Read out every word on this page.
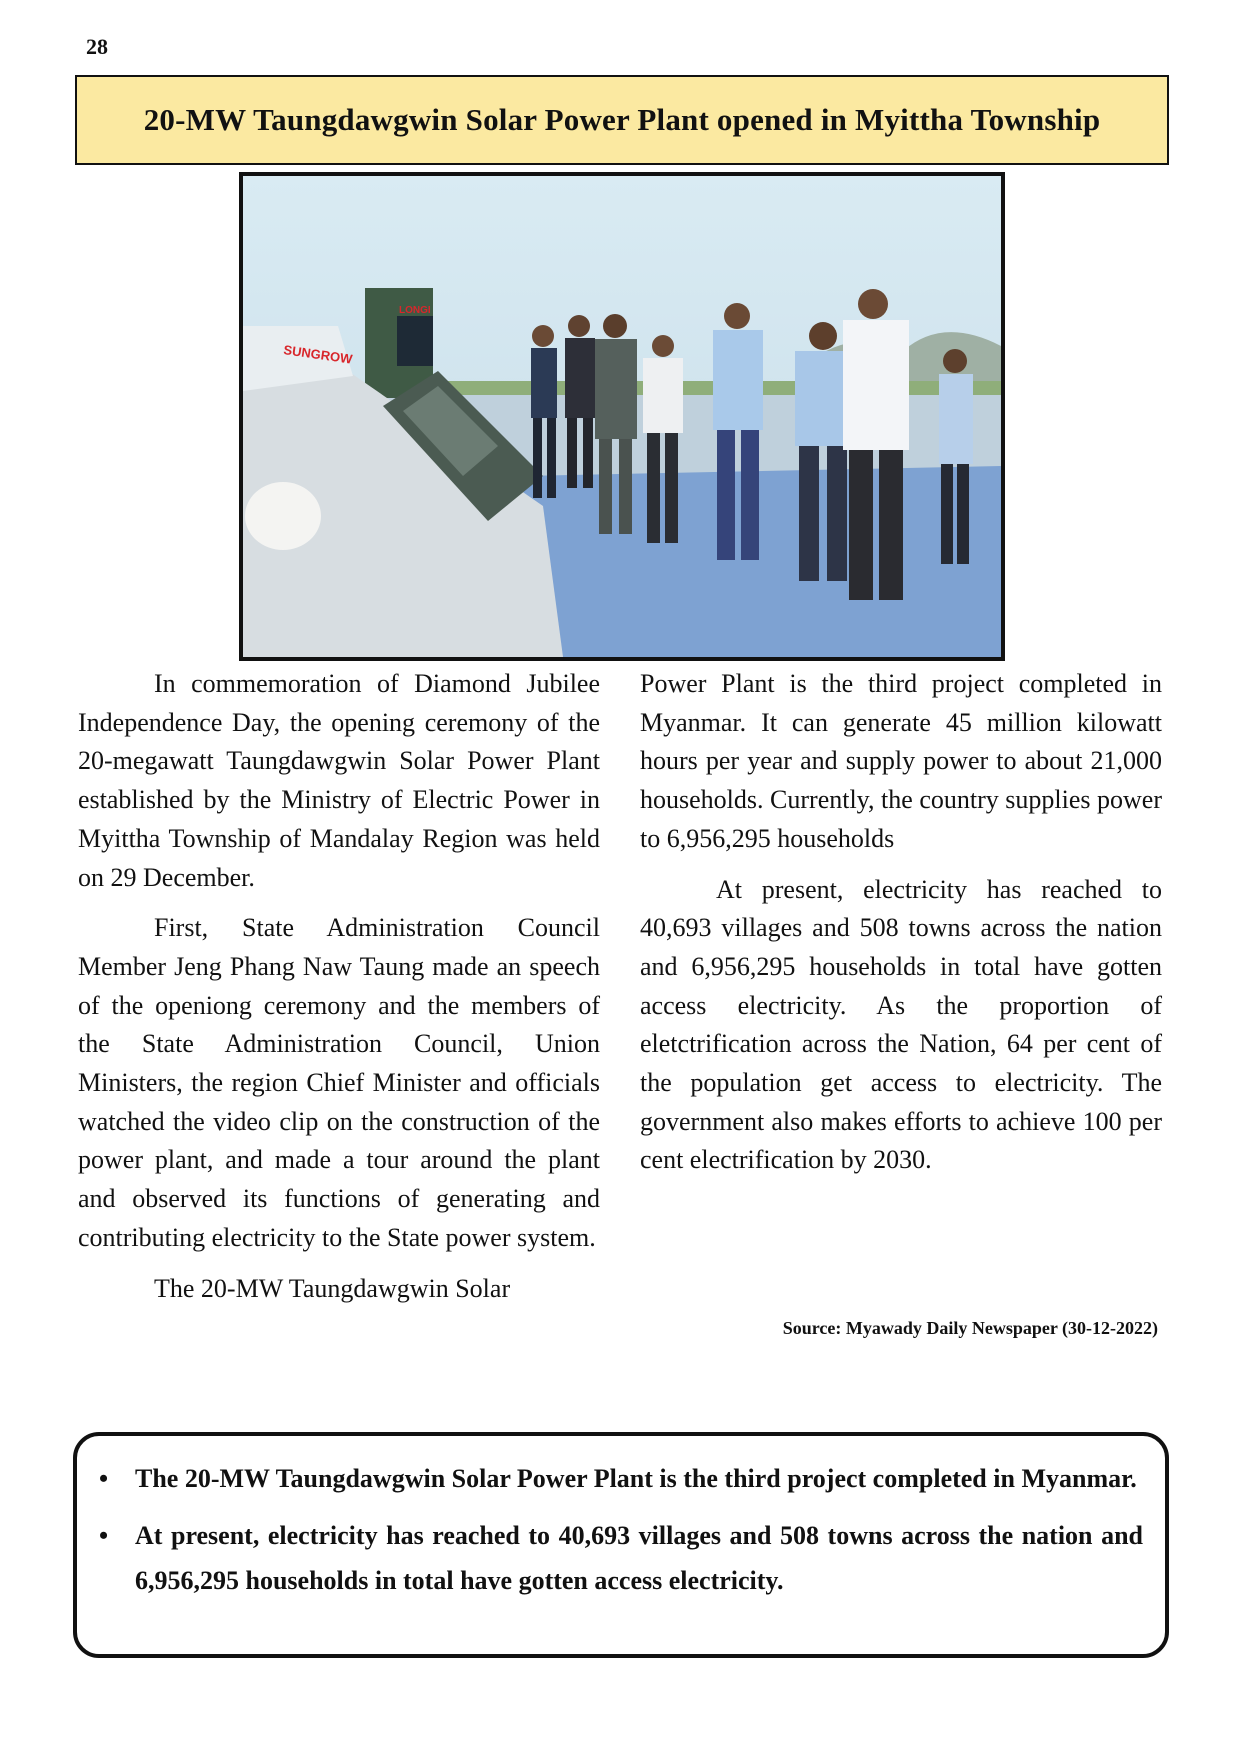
28
20-MW Taungdawgwin Solar Power Plant opened in Myittha Township
LONGI
SUNGROW

In commemoration of Diamond Jubilee Independence Day, the opening ceremony of the 20-megawatt Taungdawgwin Solar Power Plant established by the Ministry of Electric Power in Myittha Township of Mandalay Region was held on 29 December.

First, State Administration Council Member Jeng Phang Naw Taung made an speech of the openiong ceremony and the members of the State Administration Council, Union Ministers, the region Chief Minister and officials watched the video clip on the construction of the power plant, and made a tour around the plant and observed its functions of generating and contributing electricity to the State power system.

The 20-MW Taungdawgwin Solar

Power Plant is the third project completed in Myanmar. It can generate 45 million kilowatt hours per year and supply power to about 21,000 households. Currently, the country supplies power to 6,956,295 households

At present, electricity has reached to 40,693 villages and 508 towns across the nation and 6,956,295 households in total have gotten access electricity. As the proportion of eletctrification across the Nation, 64 per cent of the population get access to electricity. The government also makes efforts to achieve 100 per cent electrification by 2030.

Source: Myawady Daily Newspaper (30-12-2022)
• The 20-MW Taungdawgwin Solar Power Plant is the third project completed in Myanmar.
• At present, electricity has reached to 40,693 villages and 508 towns across the nation and 6,956,295 households in total have gotten access electricity.
